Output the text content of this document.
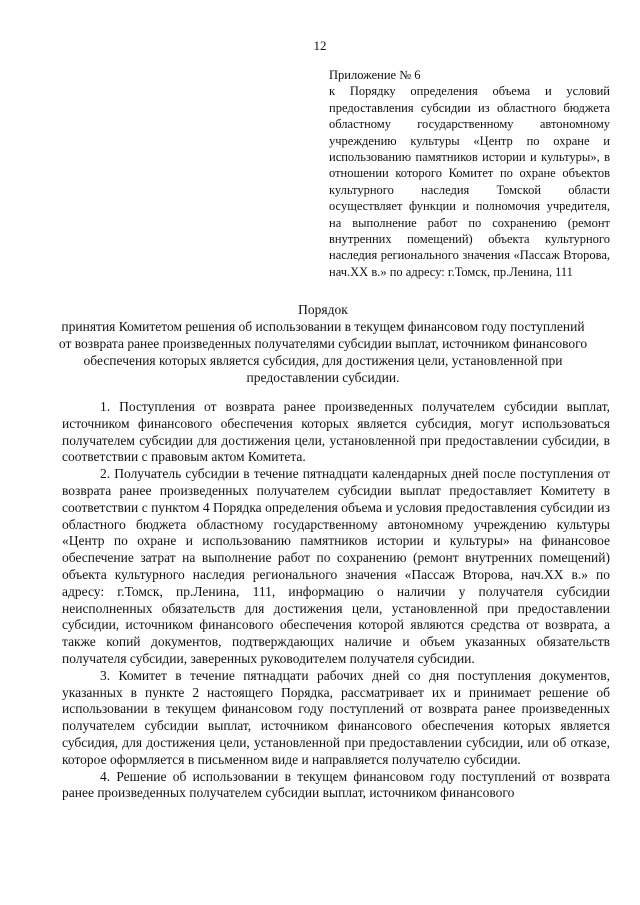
12

Приложение № 6

к Порядку определения объема и условий предоставления субсидии из областного бюджета областному государственному автономному учреждению культуры «Центр по охране и использованию памятников истории и культуры», в отношении которого Комитет по охране объектов культурного наследия Томской области осуществляет функции и полномочия учредителя, на выполнение работ по сохранению (ремонт внутренних помещений) объекта культурного наследия регионального значения «Пассаж Второва, нач.XX в.» по адресу: г.Томск, пр.Ленина, 111

Порядок
принятия Комитетом решения об использовании в текущем финансовом году поступлений от возврата ранее произведенных получателями субсидии выплат, источником финансового обеспечения которых является субсидия, для достижения цели, установленной при предоставлении субсидии.

1. Поступления от возврата ранее произведенных получателем субсидии выплат, источником финансового обеспечения которых является субсидия, могут использоваться получателем субсидии для достижения цели, установленной при предоставлении субсидии, в соответствии с правовым актом Комитета.

2. Получатель субсидии в течение пятнадцати календарных дней после поступления от возврата ранее произведенных получателем субсидии выплат предоставляет Комитету в соответствии с пунктом 4 Порядка определения объема и условия предоставления субсидии из областного бюджета областному государственному автономному учреждению культуры «Центр по охране и использованию памятников истории и культуры» на финансовое обеспечение затрат на выполнение работ по сохранению (ремонт внутренних помещений) объекта культурного наследия регионального значения «Пассаж Второва, нач.XX в.» по адресу: г.Томск, пр.Ленина, 111, информацию о наличии у получателя субсидии неисполненных обязательств для достижения цели, установленной при предоставлении субсидии, источником финансового обеспечения которой являются средства от возврата, а также копий документов, подтверждающих наличие и объем указанных обязательств получателя субсидии, заверенных руководителем получателя субсидии.

3. Комитет в течение пятнадцати рабочих дней со дня поступления документов, указанных в пункте 2 настоящего Порядка, рассматривает их и принимает решение об использовании в текущем финансовом году поступлений от возврата ранее произведенных получателем субсидии выплат, источником финансового обеспечения которых является субсидия, для достижения цели, установленной при предоставлении субсидии, или об отказе, которое оформляется в письменном виде и направляется получателю субсидии.

4. Решение об использовании в текущем финансовом году поступлений от возврата ранее произведенных получателем субсидии выплат, источником финансового
